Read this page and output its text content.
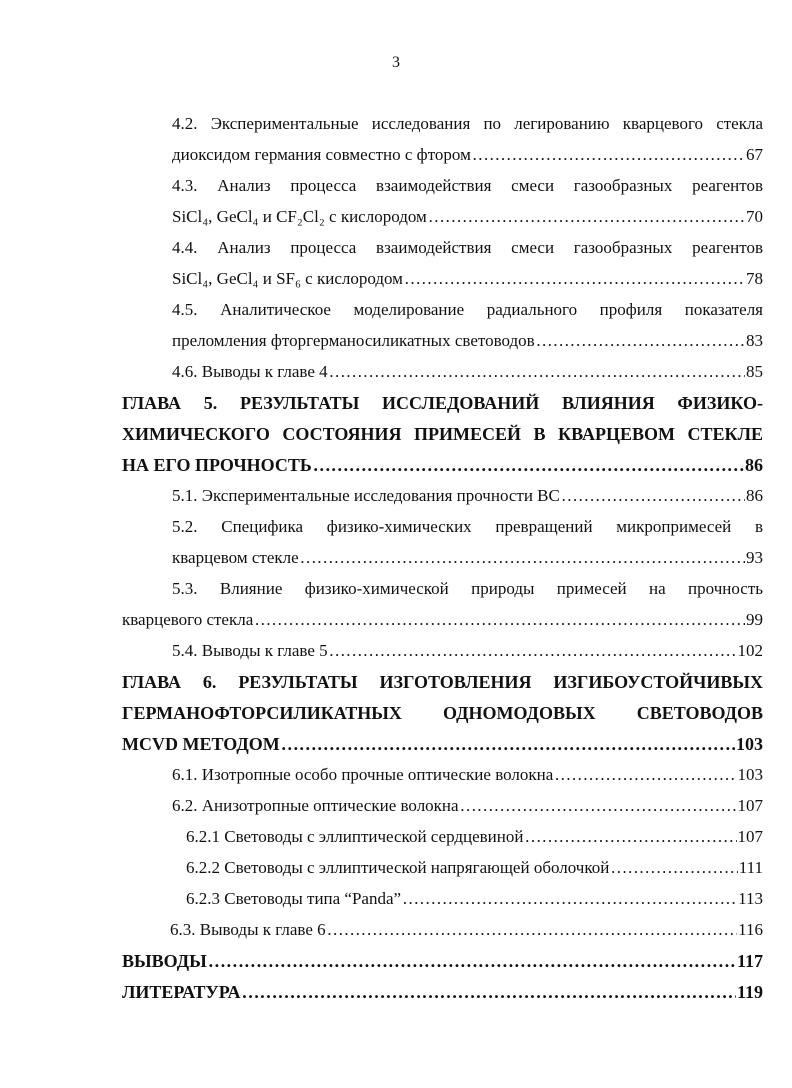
3
4.2. Экспериментальные исследования по легированию кварцевого стекла
диоксидом германия совместно с фтором ……………………………………………………………………………………………………………………………………………………………………………	67
4.3. Анализ процесса взаимодействия смеси газообразных реагентов
SiCl₄, GeCl₄ и CF₂Cl₂ с кислородом ……………………………………………………………………………………………………………………………………………………………………………	70
4.4. Анализ процесса взаимодействия смеси газообразных реагентов
SiCl₄, GeCl₄ и SF₆ с кислородом ……………………………………………………………………………………………………………………………………………………………………………	78
4.5. Аналитическое моделирование радиального профиля показателя
преломления фторгерманосиликатных световодов ……………………………………………………………………………………………………………………………………………………………………………	83
4.6. Выводы к главе 4 ……………………………………………………………………………………………………………………………………………………………………………	85
ГЛАВА 5. РЕЗУЛЬТАТЫ ИССЛЕДОВАНИЙ ВЛИЯНИЯ ФИЗИКО-
ХИМИЧЕСКОГО СОСТОЯНИЯ ПРИМЕСЕЙ В КВАРЦЕВОМ СТЕКЛЕ
НА ЕГО ПРОЧНОСТЬ ……………………………………………………………………………………………………………………………………………………………………………	86
5.1. Экспериментальные исследования прочности ВС ……………………………………………………………………………………………………………………………………………………………………………	86
5.2. Специфика физико-химических превращений микропримесей в
кварцевом стекле ……………………………………………………………………………………………………………………………………………………………………………	93
5.3. Влияние физико-химической природы примесей на прочность
кварцевого стекла ……………………………………………………………………………………………………………………………………………………………………………	99
5.4. Выводы к главе 5 ……………………………………………………………………………………………………………………………………………………………………………	102
ГЛАВА 6. РЕЗУЛЬТАТЫ ИЗГОТОВЛЕНИЯ ИЗГИБОУСТОЙЧИВЫХ
ГЕРМАНОФТОРСИЛИКАТНЫХ ОДНОМОДОВЫХ СВЕТОВОДОВ
MCVD МЕТОДОМ ……………………………………………………………………………………………………………………………………………………………………………	103
6.1. Изотропные особо прочные оптические волокна ……………………………………………………………………………………………………………………………………………………………………………	103
6.2. Анизотропные оптические волокна ……………………………………………………………………………………………………………………………………………………………………………	107
6.2.1 Световоды с эллиптической сердцевиной ……………………………………………………………………………………………………………………………………………………………………………	107
6.2.2 Световоды с эллиптической напрягающей оболочкой ……………………………………………………………………………………………………………………………………………………………………………	111
6.2.3 Световоды типа “Panda” ……………………………………………………………………………………………………………………………………………………………………………	113
6.3. Выводы к главе 6 ……………………………………………………………………………………………………………………………………………………………………………	116
ВЫВОДЫ ……………………………………………………………………………………………………………………………………………………………………………	117
ЛИТЕРАТУРА ……………………………………………………………………………………………………………………………………………………………………………	119
